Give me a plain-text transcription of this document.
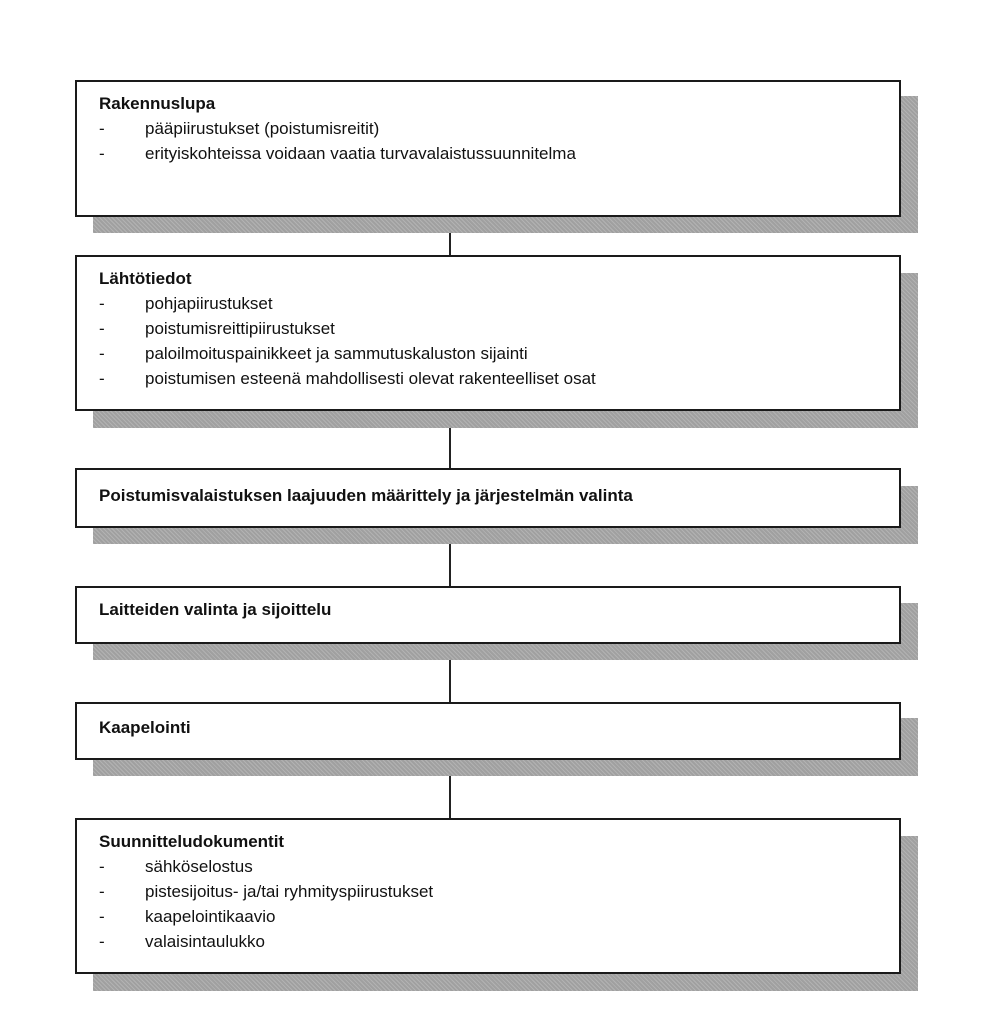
Rakennuslupa
- pääpiirustukset (poistumisreitit)
- erityiskohteissa voidaan vaatia turvavalaistussuunnitelma
Lähtötiedot
- pohjapiirustukset
- poistumisreittipiirustukset
- paloilmoituspainikkeet ja sammutuskaluston sijainti
- poistumisen esteenä mahdollisesti olevat rakenteelliset osat
Poistumisvalaistuksen laajuuden määrittely ja järjestelmän valinta
Laitteiden valinta ja sijoittelu
Kaapelointi
Suunnitteludokumentit
- sähköselostus
- pistesijoitus- ja/tai ryhmityspiirustukset
- kaapelointikaavio
- valaisintaulukko
